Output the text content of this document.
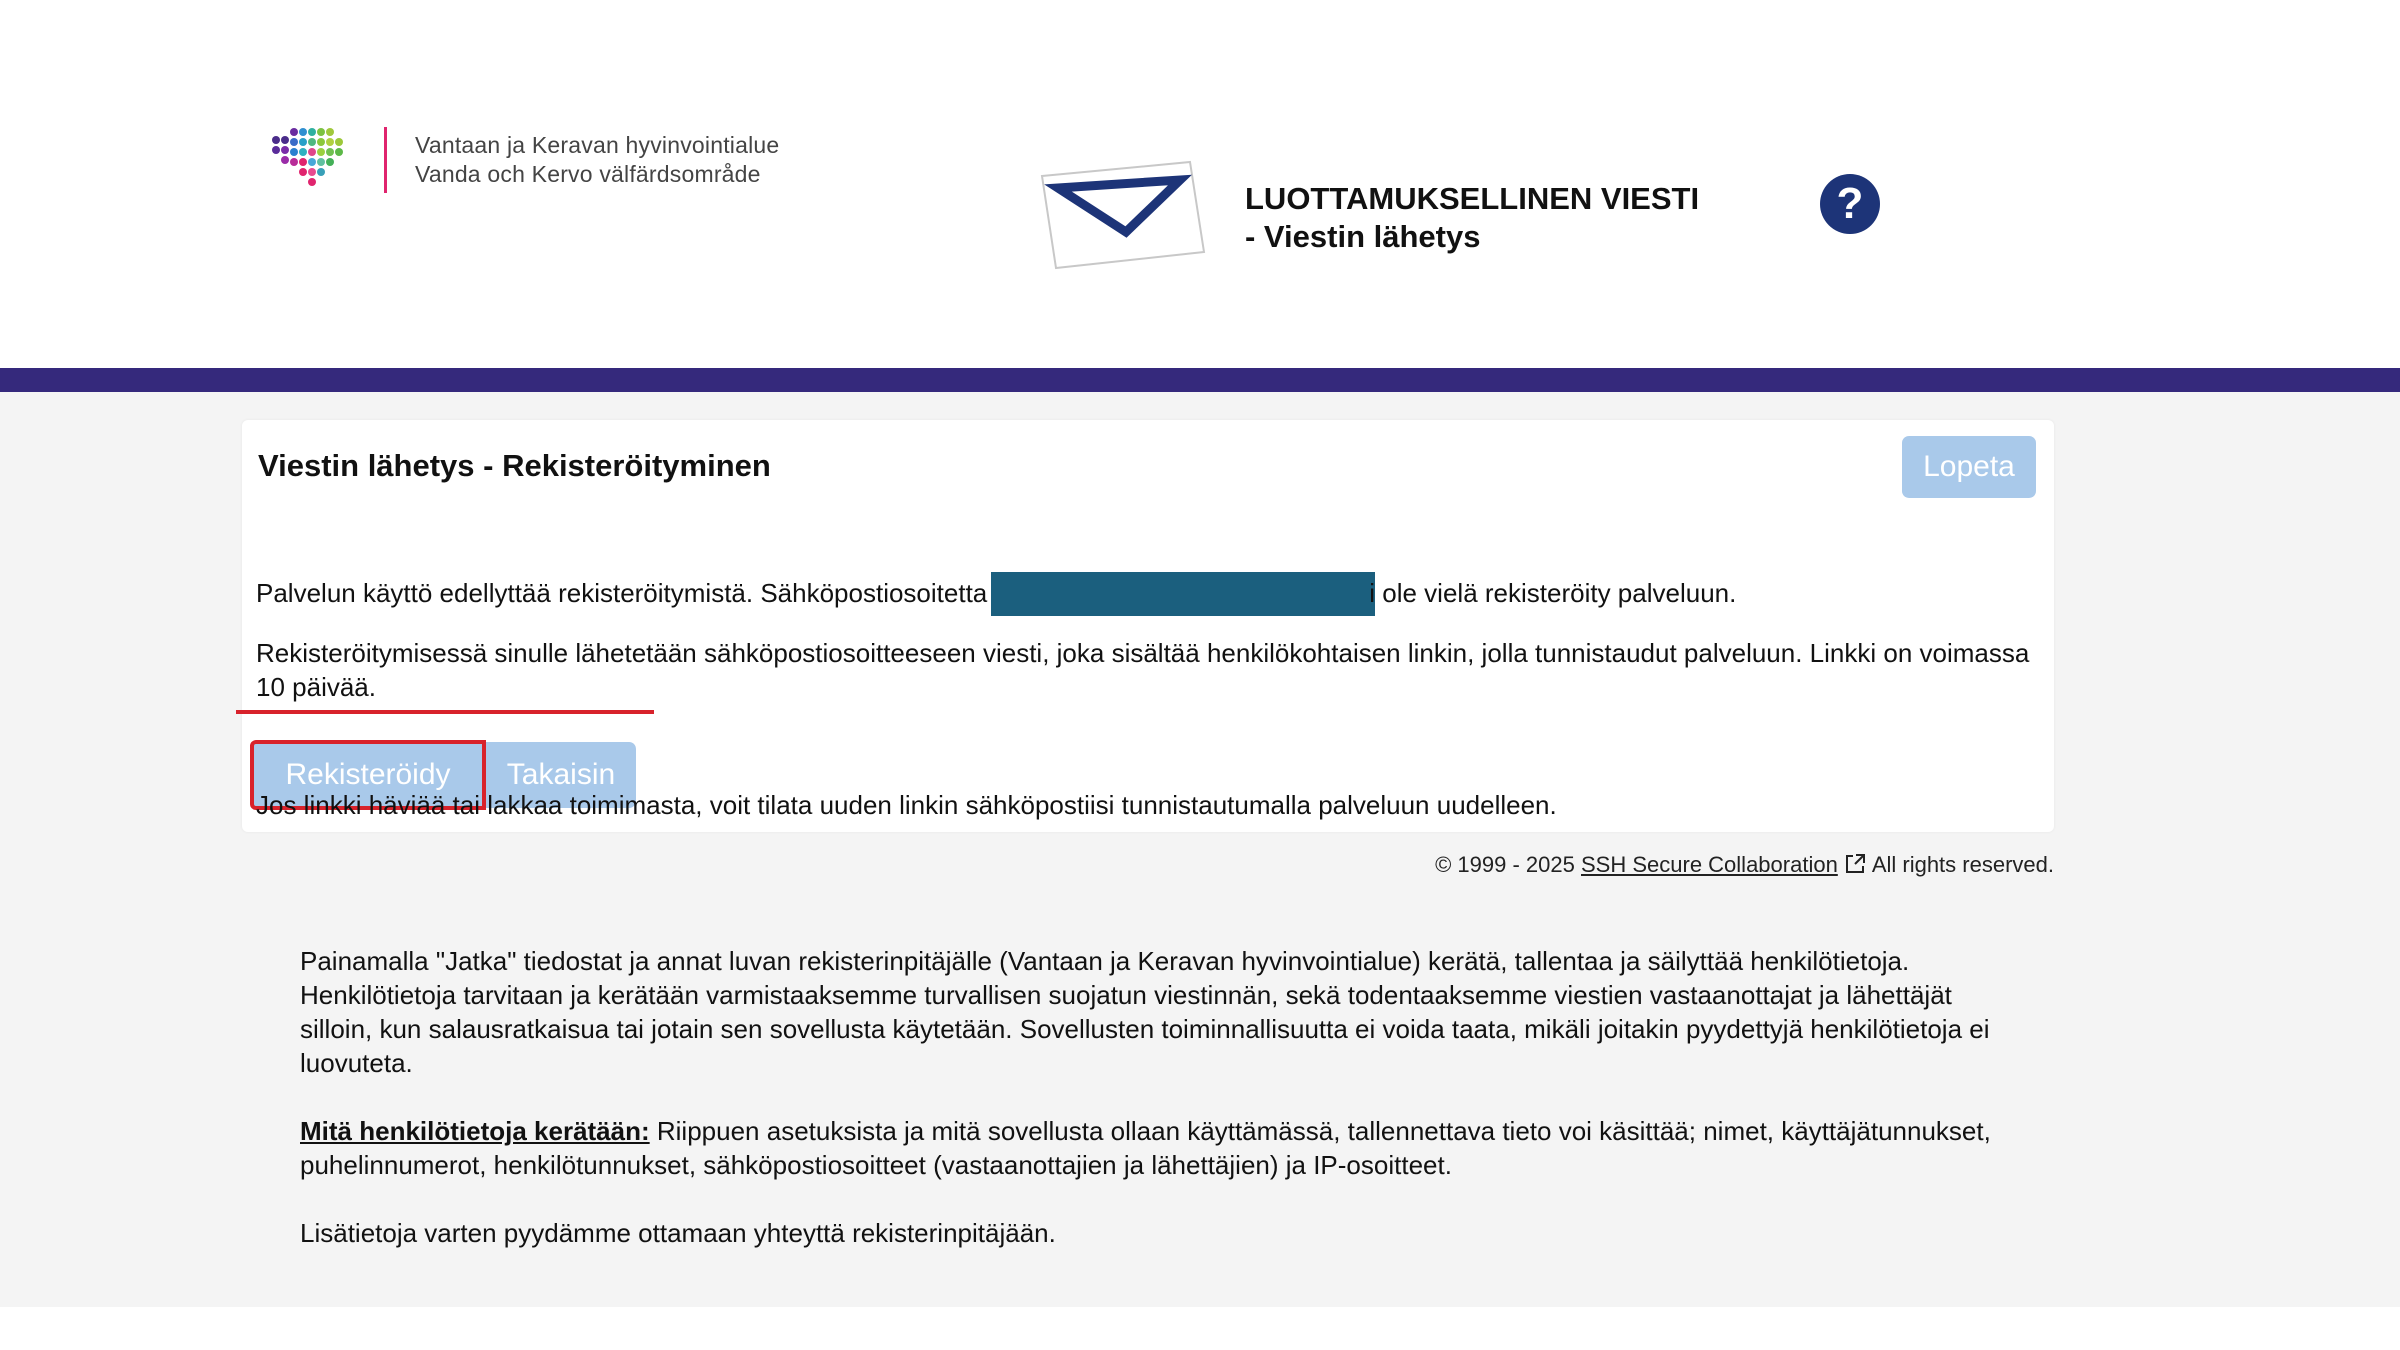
Vantaan ja Keravan hyvinvointialue
Vanda och Kervo välfärdsområde
LUOTTAMUKSELLINEN VIESTI
- Viestin lähetys
?
Viestin lähetys - Rekisteröityminen	Lopeta
Palvelun käyttö edellyttää rekisteröitymistä. Sähköpostiosoitetta	i ole vielä rekisteröity palveluun.
Rekisteröitymisessä sinulle lähetetään sähköpostiosoitteeseen viesti, joka sisältää henkilökohtaisen linkin, jolla tunnistaudut palveluun. Linkki on voimassa 10 päivää.
Rekisteröidy	Takaisin
Jos linkki häviää tai lakkaa toimimasta, voit tilata uuden linkin sähköpostiisi tunnistautumalla palveluun uudelleen.
© 1999 - 2025 SSH Secure Collaboration All rights reserved.

Painamalla "Jatka" tiedostat ja annat luvan rekisterinpitäjälle (Vantaan ja Keravan hyvinvointialue) kerätä, tallentaa ja säilyttää henkilötietoja. Henkilötietoja tarvitaan ja kerätään varmistaaksemme turvallisen suojatun viestinnän, sekä todentaaksemme viestien vastaanottajat ja lähettäjät silloin, kun salausratkaisua tai jotain sen sovellusta käytetään. Sovellusten toiminnallisuutta ei voida taata, mikäli joitakin pyydettyjä henkilötietoja ei luovuteta.

Mitä henkilötietoja kerätään: Riippuen asetuksista ja mitä sovellusta ollaan käyttämässä, tallennettava tieto voi käsittää; nimet, käyttäjätunnukset, puhelinnumerot, henkilötunnukset, sähköpostiosoitteet (vastaanottajien ja lähettäjien) ja IP-osoitteet.

Lisätietoja varten pyydämme ottamaan yhteyttä rekisterinpitäjään.
